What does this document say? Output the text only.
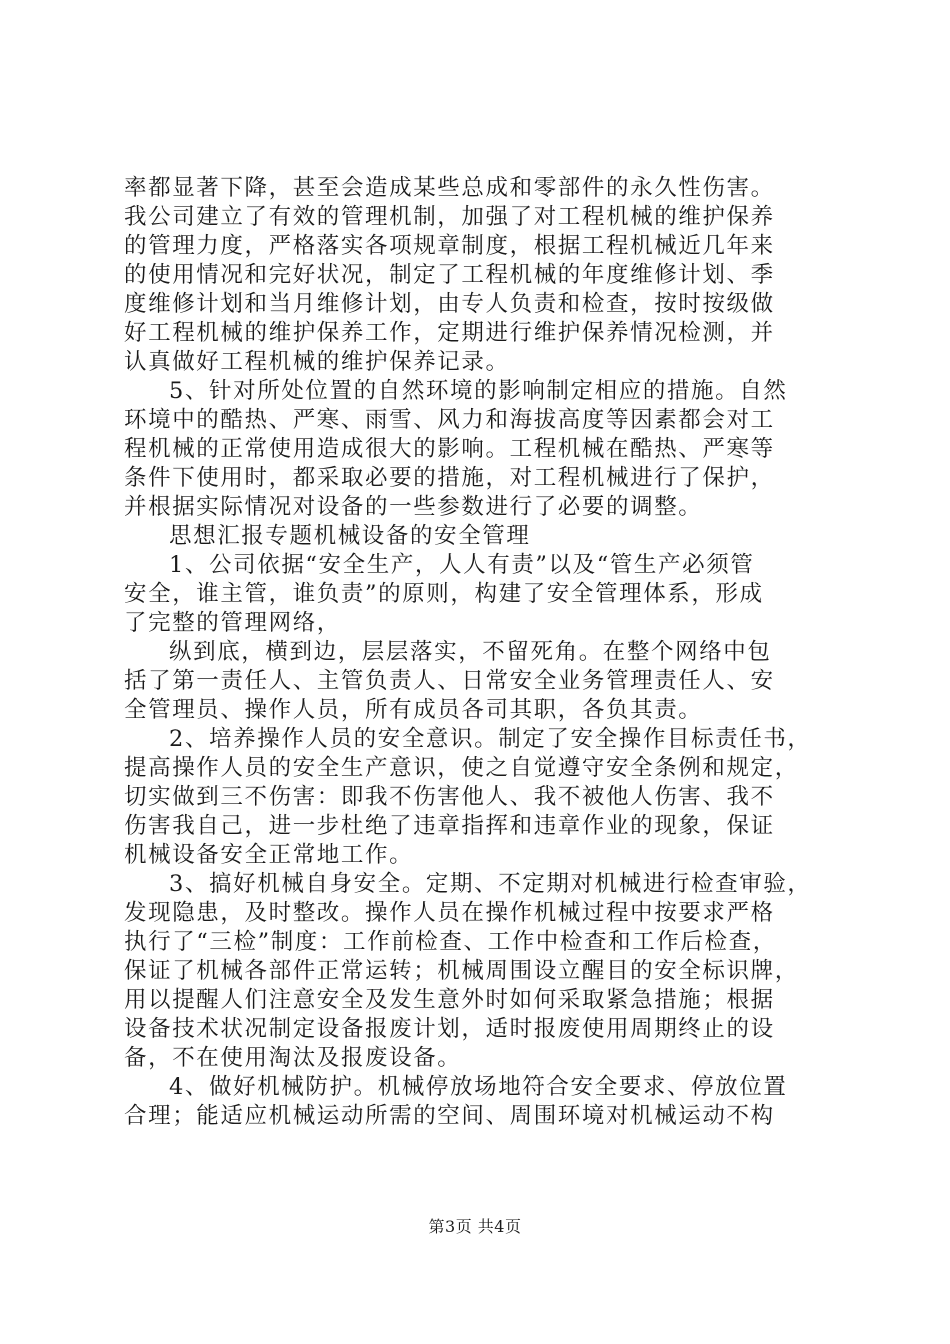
率都显著下降，甚至会造成某些总成和零部件的永久性伤害。
我公司建立了有效的管理机制，加强了对工程机械的维护保养
的管理力度，严格落实各项规章制度，根据工程机械近几年来
的使用情况和完好状况，制定了工程机械的年度维修计划、季
度维修计划和当月维修计划，由专人负责和检查，按时按级做
好工程机械的维护保养工作，定期进行维护保养情况检测，并
认真做好工程机械的维护保养记录。
5、针对所处位置的自然环境的影响制定相应的措施。自然
环境中的酷热、严寒、雨雪、风力和海拔高度等因素都会对工
程机械的正常使用造成很大的影响。工程机械在酷热、严寒等
条件下使用时，都采取必要的措施，对工程机械进行了保护，
并根据实际情况对设备的一些参数进行了必要的调整。
思想汇报专题机械设备的安全管理
1、公司依据“安全生产，人人有责”以及“管生产必须管
安全，谁主管，谁负责”的原则，构建了安全管理体系，形成
了完整的管理网络，
纵到底，横到边，层层落实，不留死角。在整个网络中包
括了第一责任人、主管负责人、日常安全业务管理责任人、安
全管理员、操作人员，所有成员各司其职，各负其责。
2、培养操作人员的安全意识。制定了安全操作目标责任书，
提高操作人员的安全生产意识，使之自觉遵守安全条例和规定，
切实做到三不伤害：即我不伤害他人、我不被他人伤害、我不
伤害我自己，进一步杜绝了违章指挥和违章作业的现象，保证
机械设备安全正常地工作。
3、搞好机械自身安全。定期、不定期对机械进行检查审验，
发现隐患，及时整改。操作人员在操作机械过程中按要求严格
执行了“三检”制度：工作前检查、工作中检查和工作后检查，
保证了机械各部件正常运转；机械周围设立醒目的安全标识牌，
用以提醒人们注意安全及发生意外时如何采取紧急措施；根据
设备技术状况制定设备报废计划，适时报废使用周期终止的设
备，不在使用淘汰及报废设备。
4、做好机械防护。机械停放场地符合安全要求、停放位置
合理；能适应机械运动所需的空间、周围环境对机械运动不构
第3页 共4页
